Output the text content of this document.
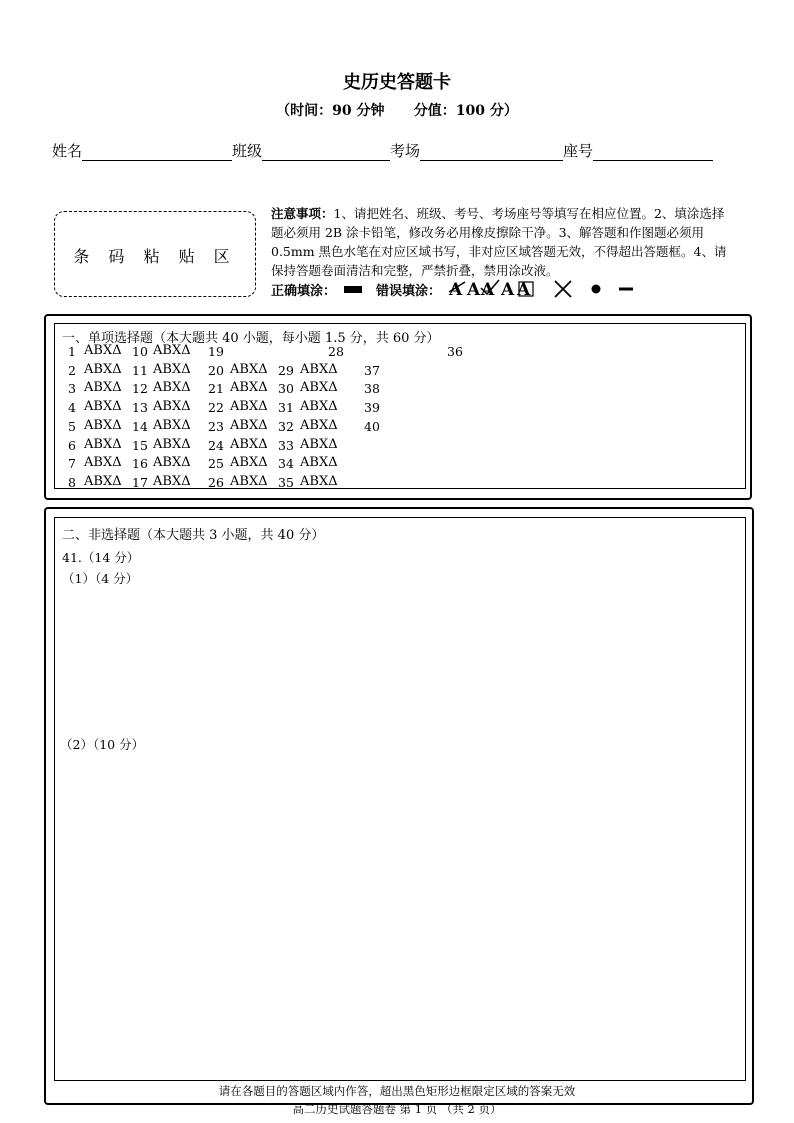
史历史答题卡
（时间：90 分钟      分值：100 分）
姓名	班级	考场	座号
条 码 粘 贴 区
注意事项：1、请把姓名、班级、考号、考场座号等填写在相应位置。2、填涂选择题必须用 2B 涂卡铅笔，修改务必用橡皮擦除干净。3、解答题和作图题必须用 0.5mm 黑色水笔在对应区域书写，非对应区域答题无效，不得超出答题框。4、请保持答题卷面清洁和完整，严禁折叠，禁用涂改液。
正确填涂：	错误填涂： A A A A A
一、单项选择题（本大题共 40 小题，每小题 1.5 分，共 60 分）
1 ABXΔ 10 ABXΔ 19	28	36
2 ABXΔ 11 ABXΔ 20 ABXΔ 29 ABXΔ 37
3 ABXΔ 12 ABXΔ 21 ABXΔ 30 ABXΔ 38
4 ABXΔ 13 ABXΔ 22 ABXΔ 31 ABXΔ 39
5 ABXΔ 14 ABXΔ 23 ABXΔ 32 ABXΔ 40
6 ABXΔ 15 ABXΔ 24 ABXΔ 33 ABXΔ
7 ABXΔ 16 ABXΔ 25 ABXΔ 34 ABXΔ
8 ABXΔ 17 ABXΔ 26 ABXΔ 35 ABXΔ
二、非选择题（本大题共 3 小题，共 40 分）
41.（14 分）
（1）（4 分）
（2）（10 分）
请在各题目的答题区域内作答，超出黑色矩形边框限定区域的答案无效
高二历史试题答题卷 第 1 页 （共 2 页）
